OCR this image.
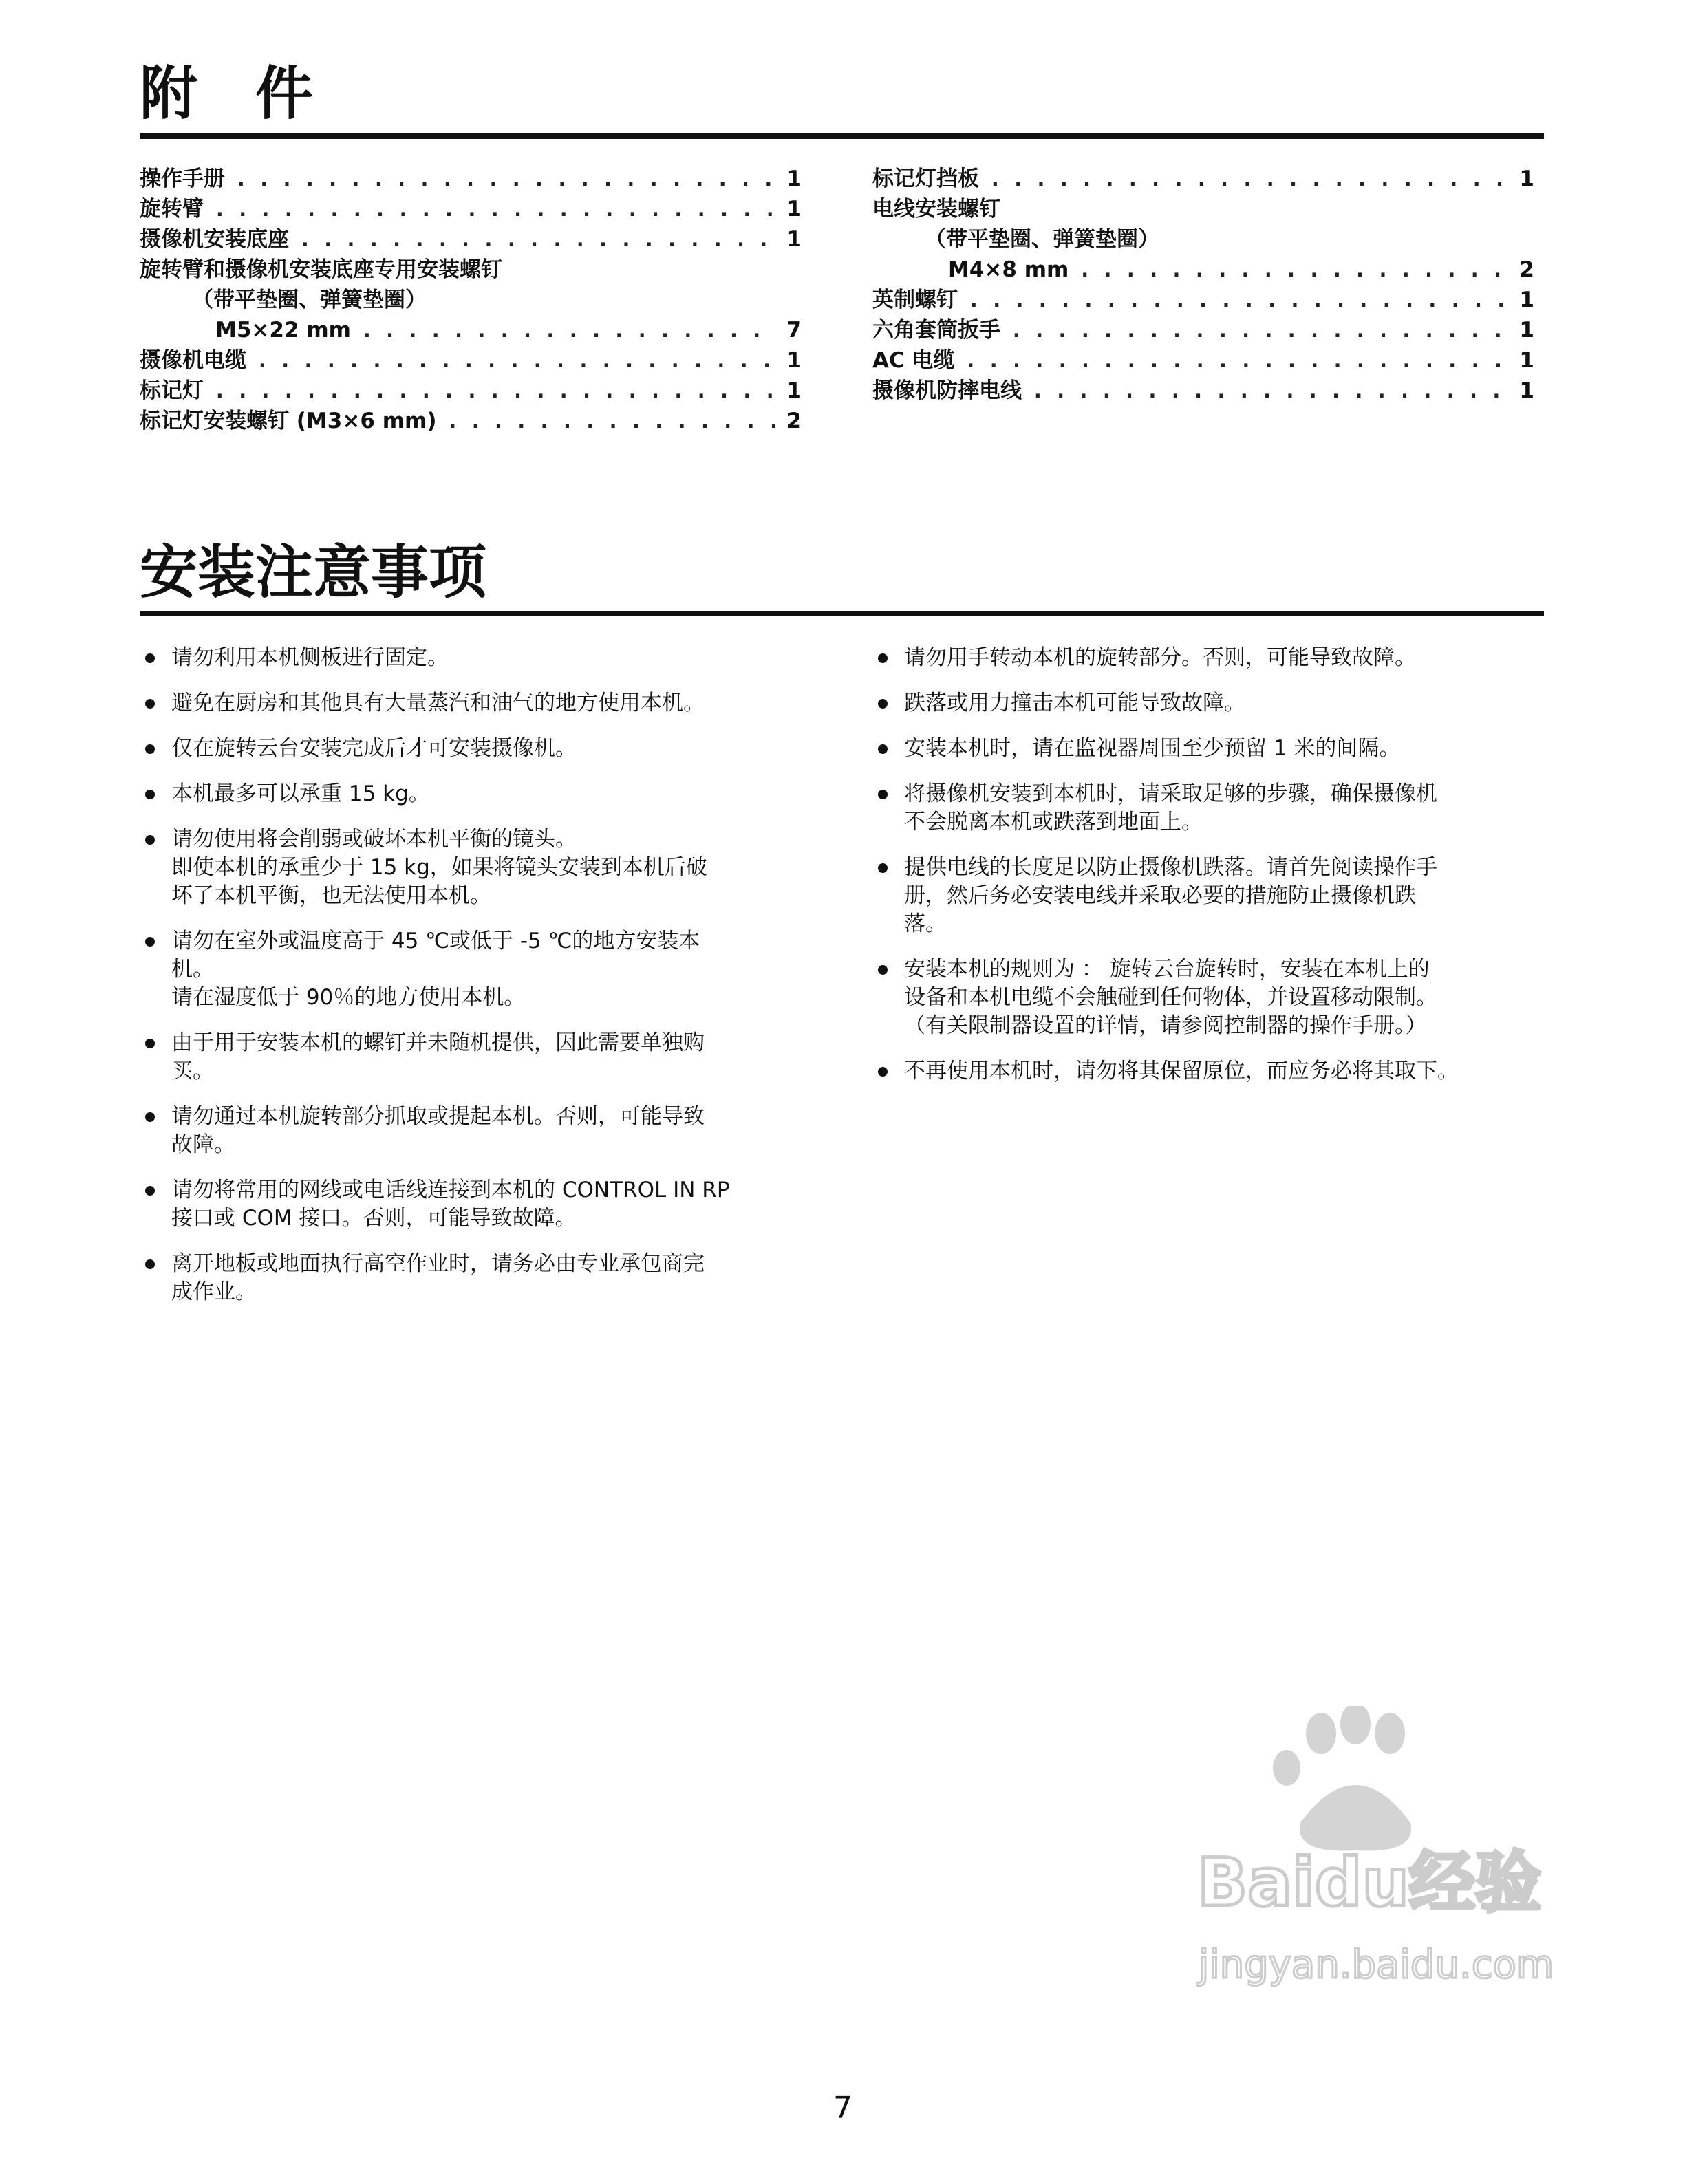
附　件
操作手册 . . .	1
旋转臂 . . .	1
摄像机安装底座 . . .	1
旋转臂和摄像机安装底座专用安装螺钉
（带平垫圈、弹簧垫圈）
M5×22 mm . . .	7
摄像机电缆 . . .	1
标记灯 . . .	1
标记灯安装螺钉 (M3×6 mm) . . .	2
标记灯挡板 . . .	1
电线安装螺钉
（带平垫圈、弹簧垫圈）
M4×8 mm . . .	2
英制螺钉 . . .	1
六角套筒扳手 . . .	1
AC 电缆 . . .	1
摄像机防摔电线 . . .	1
安装注意事项
请勿利用本机侧板进行固定。
避免在厨房和其他具有大量蒸汽和油气的地方使用本机。
仅在旋转云台安装完成后才可安装摄像机。
本机最多可以承重 15 kg。
请勿使用将会削弱或破坏本机平衡的镜头。
即使本机的承重少于 15 kg，如果将镜头安装到本机后破
坏了本机平衡，也无法使用本机。
请勿在室外或温度高于 45 ℃或低于 -5 ℃的地方安装本
机。
请在湿度低于 90％的地方使用本机。
由于用于安装本机的螺钉并未随机提供，因此需要单独购
买。
请勿通过本机旋转部分抓取或提起本机。否则，可能导致
故障。
请勿将常用的网线或电话线连接到本机的 CONTROL IN RP
接口或 COM 接口。否则，可能导致故障。
离开地板或地面执行高空作业时，请务必由专业承包商完
成作业。
请勿用手转动本机的旋转部分。否则，可能导致故障。
跌落或用力撞击本机可能导致故障。
安装本机时，请在监视器周围至少预留 1 米的间隔。
将摄像机安装到本机时，请采取足够的步骤，确保摄像机
不会脱离本机或跌落到地面上。
提供电线的长度足以防止摄像机跌落。请首先阅读操作手
册，然后务必安装电线并采取必要的措施防止摄像机跌
落。
安装本机的规则为 ： 旋转云台旋转时，安装在本机上的
设备和本机电缆不会触碰到任何物体，并设置移动限制。
（有关限制器设置的详情，请参阅控制器的操作手册。）
不再使用本机时，请勿将其保留原位，而应务必将其取下。
Baidu经验
jingyan.baidu.com
7
